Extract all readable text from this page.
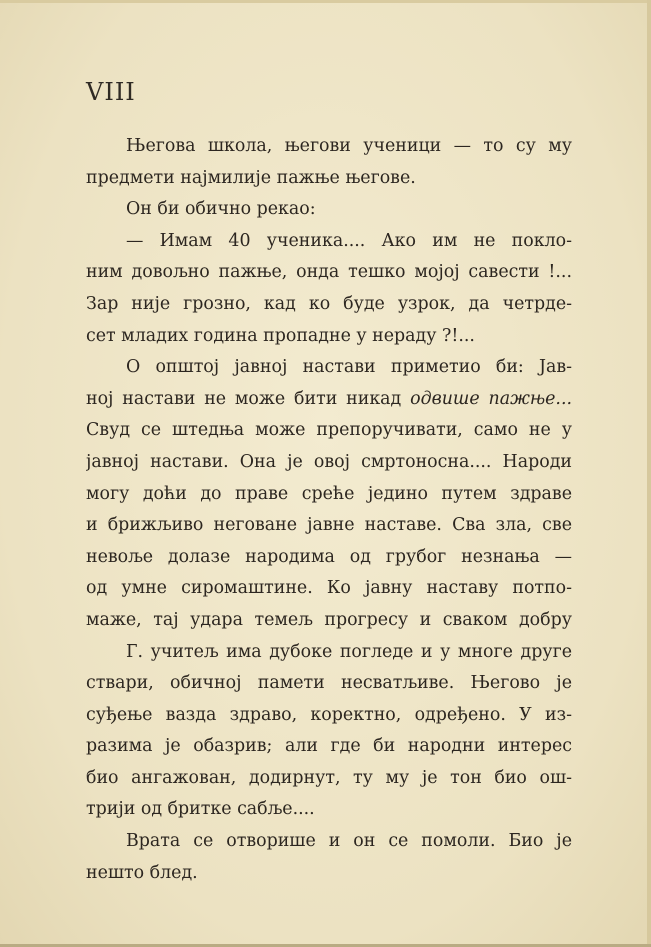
VIII
Његова школа, његови ученици — то су му
предмети најмилије пажње његове.
Он би обично рекао:
— Имам 40 ученика.... Ако им не покло-
ним довољно пажње, онда тешко мојој савести !...
Зар није грозно, кад ко буде узрок, да четрде-
сет младих година пропадне у нераду ?!...
О општој јавној настави приметио би: Јав-
ној настави не може бити никад одвише пажње...
Свуд се штедња може препоручивати, само не у
јавној настави. Она је овој смртоносна.... Народи
могу доћи до праве среће једино путем здраве
и брижљиво неговане јавне наставе. Сва зла, све
невоље долазе народима од грубог незнања —
од умне сиромаштине. Ко јавну наставу потпо-
маже, тај удара темељ прогресу и сваком добру
Г. учитељ има дубоке погледе и у многе друге
ствари, обичној памети несватљиве. Његово је
суђење вазда здраво, коректно, одређено. У из-
разима је обазрив; али где би народни интерес
био ангажован, додирнут, ту му је тон био ош-
трији од бритке сабље....
Врата се отворише и он се помоли. Био је
нешто блед.
